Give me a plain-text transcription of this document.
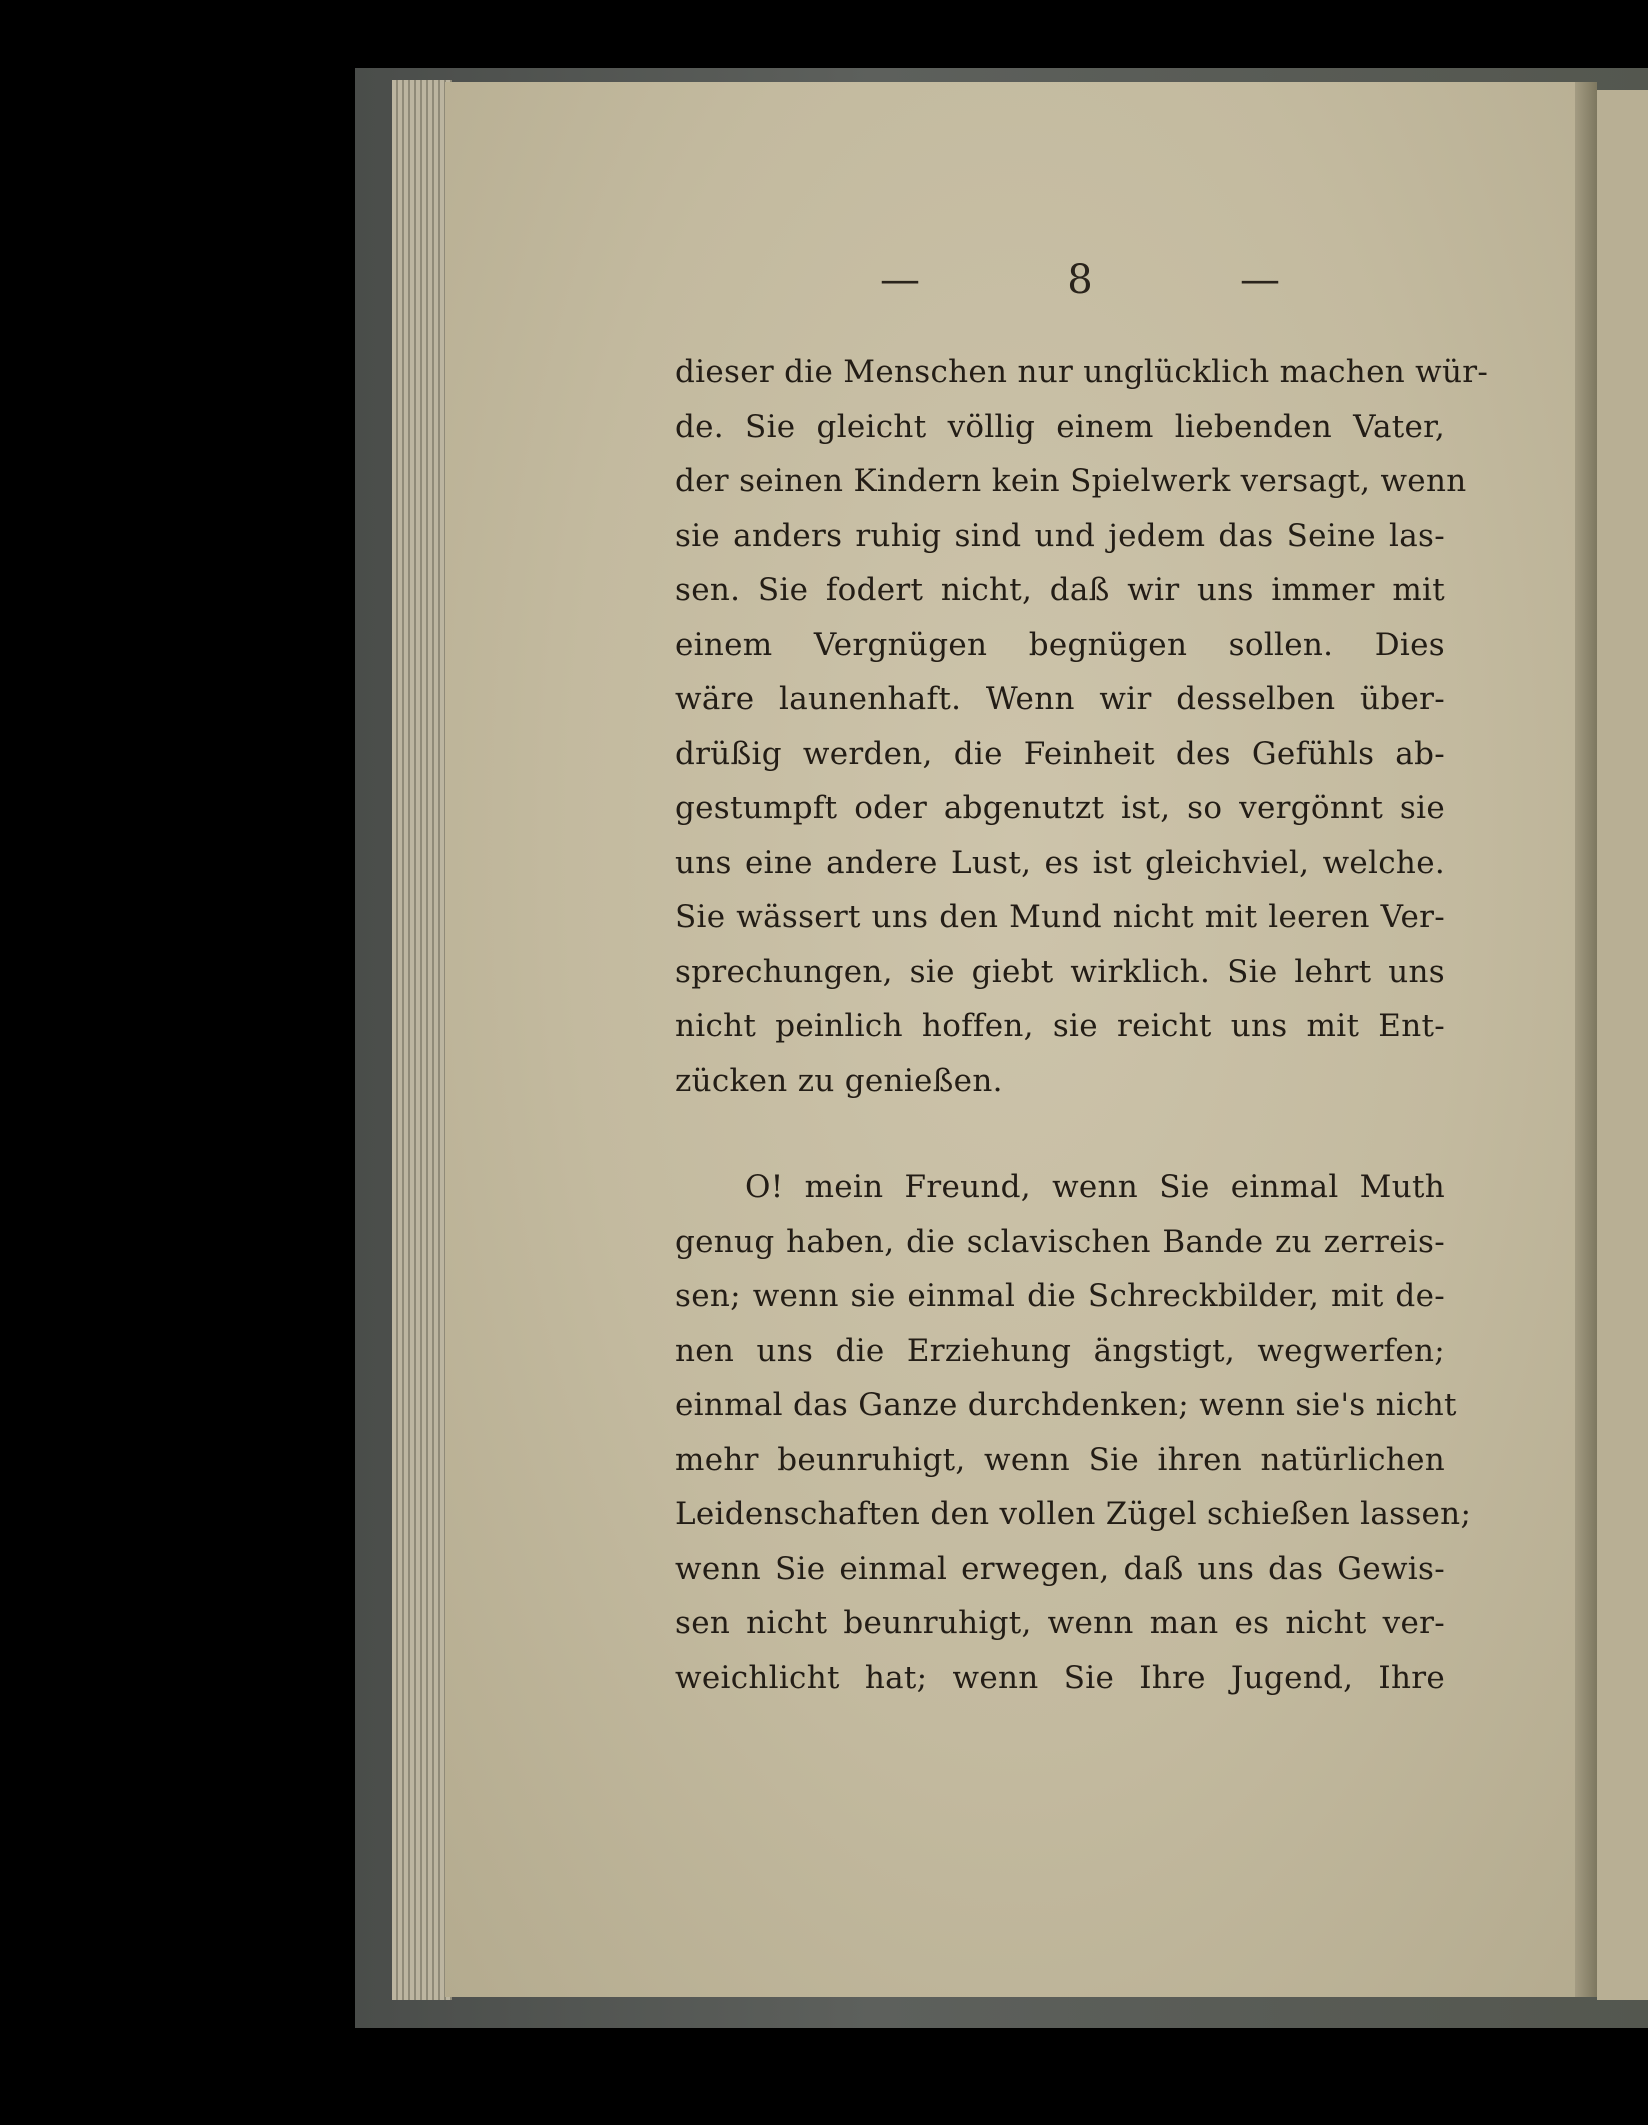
—	8	—
dieser die Menschen nur unglücklich machen wür-
de. Sie gleicht völlig einem liebenden Vater,
der seinen Kindern kein Spielwerk versagt, wenn
sie anders ruhig sind und jedem das Seine las-
sen. Sie fodert nicht, daß wir uns immer mit
einem Vergnügen begnügen sollen. Dies
wäre launenhaft. Wenn wir desselben über-
drüßig werden, die Feinheit des Gefühls ab-
gestumpft oder abgenutzt ist, so vergönnt sie
uns eine andere Lust, es ist gleichviel, welche.
Sie wässert uns den Mund nicht mit leeren Ver-
sprechungen, sie giebt wirklich. Sie lehrt uns
nicht peinlich hoffen, sie reicht uns mit Ent-
zücken zu genießen.
O! mein Freund, wenn Sie einmal Muth
genug haben, die sclavischen Bande zu zerreis-
sen; wenn sie einmal die Schreckbilder, mit de-
nen uns die Erziehung ängstigt, wegwerfen;
einmal das Ganze durchdenken; wenn sie's nicht
mehr beunruhigt, wenn Sie ihren natürlichen
Leidenschaften den vollen Zügel schießen lassen;
wenn Sie einmal erwegen, daß uns das Gewis-
sen nicht beunruhigt, wenn man es nicht ver-
weichlicht hat; wenn Sie Ihre Jugend, Ihre
